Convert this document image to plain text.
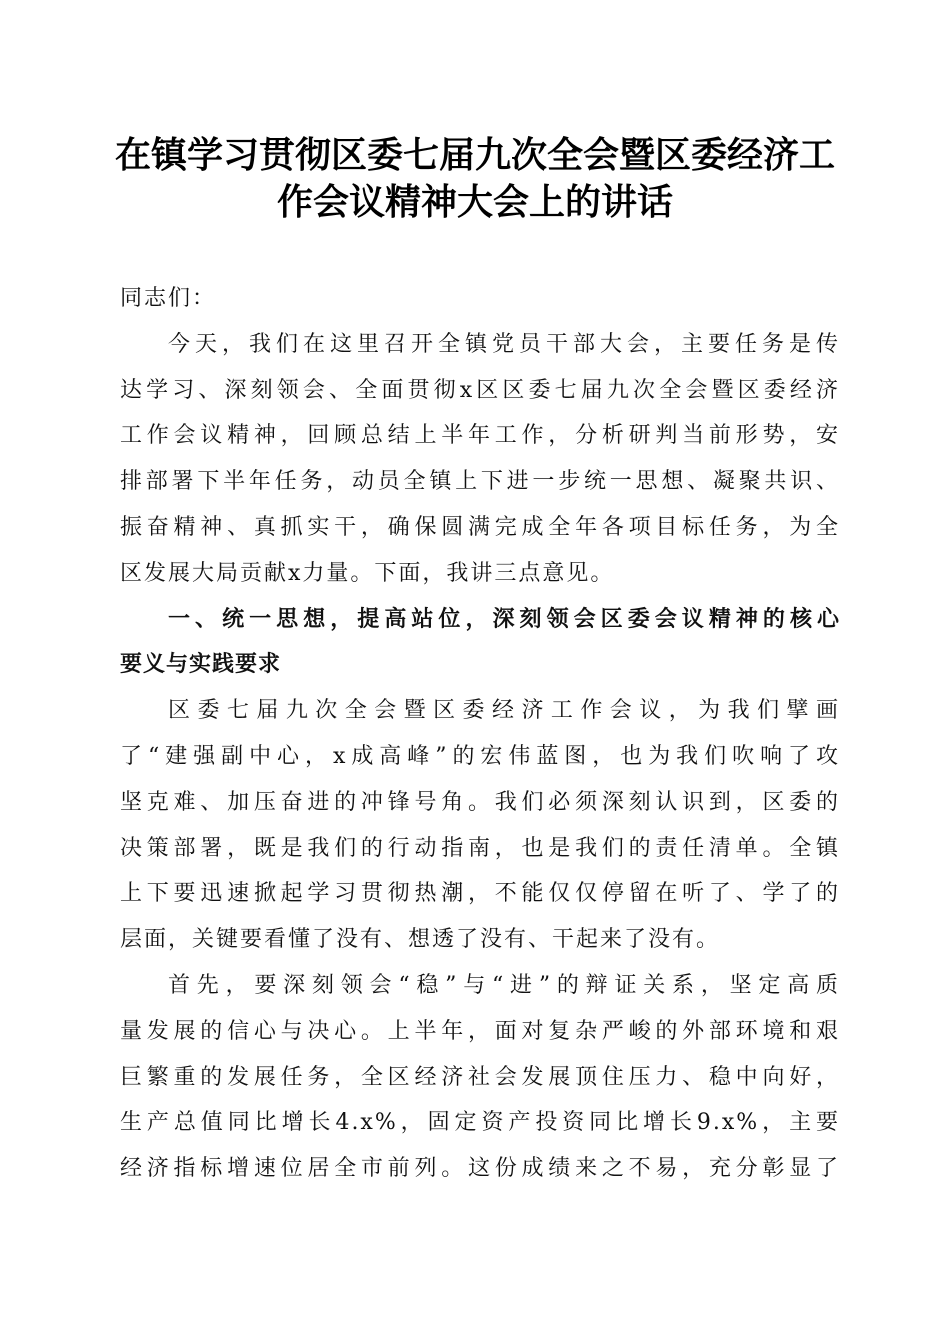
在镇学习贯彻区委七届九次全会暨区委经济工
作会议精神大会上的讲话
同志们：
今天，我们在这里召开全镇党员干部大会，主要任务是传
达学习、深刻领会、全面贯彻x区区委七届九次全会暨区委经济
工作会议精神，回顾总结上半年工作，分析研判当前形势，安
排部署下半年任务，动员全镇上下进一步统一思想、凝聚共识、
振奋精神、真抓实干，确保圆满完成全年各项目标任务，为全
区发展大局贡献x力量。下面，我讲三点意见。
一、统一思想，提高站位，深刻领会区委会议精神的核心
要义与实践要求
区委七届九次全会暨区委经济工作会议，为我们擘画
了“建强副中心，x成高峰”的宏伟蓝图，也为我们吹响了攻
坚克难、加压奋进的冲锋号角。我们必须深刻认识到，区委的
决策部署，既是我们的行动指南，也是我们的责任清单。全镇
上下要迅速掀起学习贯彻热潮，不能仅仅停留在听了、学了的
层面，关键要看懂了没有、想透了没有、干起来了没有。
首先，要深刻领会“稳”与“进”的辩证关系，坚定高质
量发展的信心与决心。上半年，面对复杂严峻的外部环境和艰
巨繁重的发展任务，全区经济社会发展顶住压力、稳中向好，
生产总值同比增长4.x%，固定资产投资同比增长9.x%，主要
经济指标增速位居全市前列。这份成绩来之不易，充分彰显了
